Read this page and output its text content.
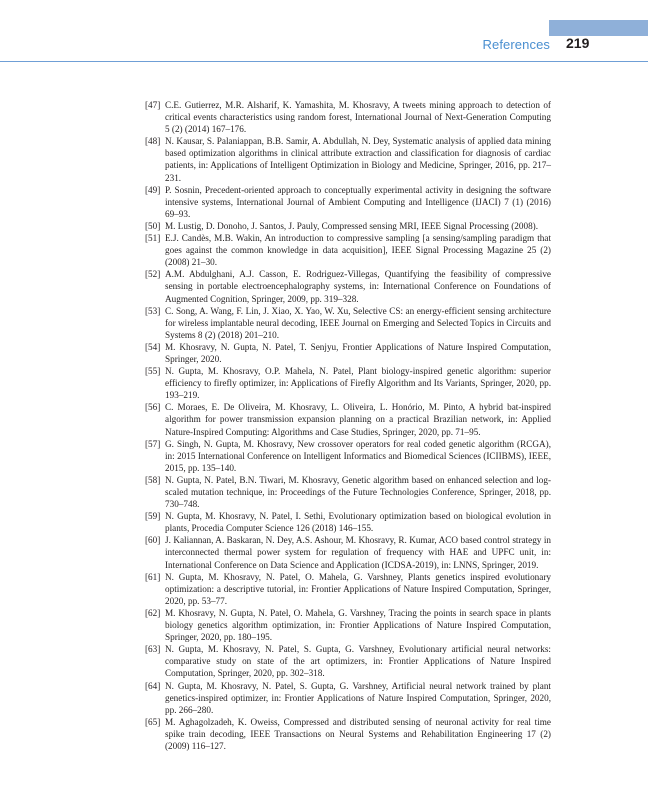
References 219
[47] C.E. Gutierrez, M.R. Alsharif, K. Yamashita, M. Khosravy, A tweets mining approach to detection of critical events characteristics using random forest, International Journal of Next-Generation Computing 5 (2) (2014) 167–176.
[48] N. Kausar, S. Palaniappan, B.B. Samir, A. Abdullah, N. Dey, Systematic analysis of applied data mining based optimization algorithms in clinical attribute extraction and classification for diagnosis of cardiac patients, in: Applications of Intelligent Optimization in Biology and Medicine, Springer, 2016, pp. 217–231.
[49] P. Sosnin, Precedent-oriented approach to conceptually experimental activity in designing the software intensive systems, International Journal of Ambient Computing and Intelligence (IJACI) 7 (1) (2016) 69–93.
[50] M. Lustig, D. Donoho, J. Santos, J. Pauly, Compressed sensing MRI, IEEE Signal Processing (2008).
[51] E.J. Candès, M.B. Wakin, An introduction to compressive sampling [a sensing/sampling paradigm that goes against the common knowledge in data acquisition], IEEE Signal Processing Magazine 25 (2) (2008) 21–30.
[52] A.M. Abdulghani, A.J. Casson, E. Rodriguez-Villegas, Quantifying the feasibility of compressive sensing in portable electroencephalography systems, in: International Conference on Foundations of Augmented Cognition, Springer, 2009, pp. 319–328.
[53] C. Song, A. Wang, F. Lin, J. Xiao, X. Yao, W. Xu, Selective CS: an energy-efficient sensing architecture for wireless implantable neural decoding, IEEE Journal on Emerging and Selected Topics in Circuits and Systems 8 (2) (2018) 201–210.
[54] M. Khosravy, N. Gupta, N. Patel, T. Senjyu, Frontier Applications of Nature Inspired Computation, Springer, 2020.
[55] N. Gupta, M. Khosravy, O.P. Mahela, N. Patel, Plant biology-inspired genetic algorithm: superior efficiency to firefly optimizer, in: Applications of Firefly Algorithm and Its Variants, Springer, 2020, pp. 193–219.
[56] C. Moraes, E. De Oliveira, M. Khosravy, L. Oliveira, L. Honório, M. Pinto, A hybrid bat-inspired algorithm for power transmission expansion planning on a practical Brazilian network, in: Applied Nature-Inspired Computing: Algorithms and Case Studies, Springer, 2020, pp. 71–95.
[57] G. Singh, N. Gupta, M. Khosravy, New crossover operators for real coded genetic algorithm (RCGA), in: 2015 International Conference on Intelligent Informatics and Biomedical Sciences (ICIIBMS), IEEE, 2015, pp. 135–140.
[58] N. Gupta, N. Patel, B.N. Tiwari, M. Khosravy, Genetic algorithm based on enhanced selection and log-scaled mutation technique, in: Proceedings of the Future Technologies Conference, Springer, 2018, pp. 730–748.
[59] N. Gupta, M. Khosravy, N. Patel, I. Sethi, Evolutionary optimization based on biological evolution in plants, Procedia Computer Science 126 (2018) 146–155.
[60] J. Kaliannan, A. Baskaran, N. Dey, A.S. Ashour, M. Khosravy, R. Kumar, ACO based control strategy in interconnected thermal power system for regulation of frequency with HAE and UPFC unit, in: International Conference on Data Science and Application (ICDSA-2019), in: LNNS, Springer, 2019.
[61] N. Gupta, M. Khosravy, N. Patel, O. Mahela, G. Varshney, Plants genetics inspired evolutionary optimization: a descriptive tutorial, in: Frontier Applications of Nature Inspired Computation, Springer, 2020, pp. 53–77.
[62] M. Khosravy, N. Gupta, N. Patel, O. Mahela, G. Varshney, Tracing the points in search space in plants biology genetics algorithm optimization, in: Frontier Applications of Nature Inspired Computation, Springer, 2020, pp. 180–195.
[63] N. Gupta, M. Khosravy, N. Patel, S. Gupta, G. Varshney, Evolutionary artificial neural networks: comparative study on state of the art optimizers, in: Frontier Applications of Nature Inspired Computation, Springer, 2020, pp. 302–318.
[64] N. Gupta, M. Khosravy, N. Patel, S. Gupta, G. Varshney, Artificial neural network trained by plant genetics-inspired optimizer, in: Frontier Applications of Nature Inspired Computation, Springer, 2020, pp. 266–280.
[65] M. Aghagolzadeh, K. Oweiss, Compressed and distributed sensing of neuronal activity for real time spike train decoding, IEEE Transactions on Neural Systems and Rehabilitation Engineering 17 (2) (2009) 116–127.
